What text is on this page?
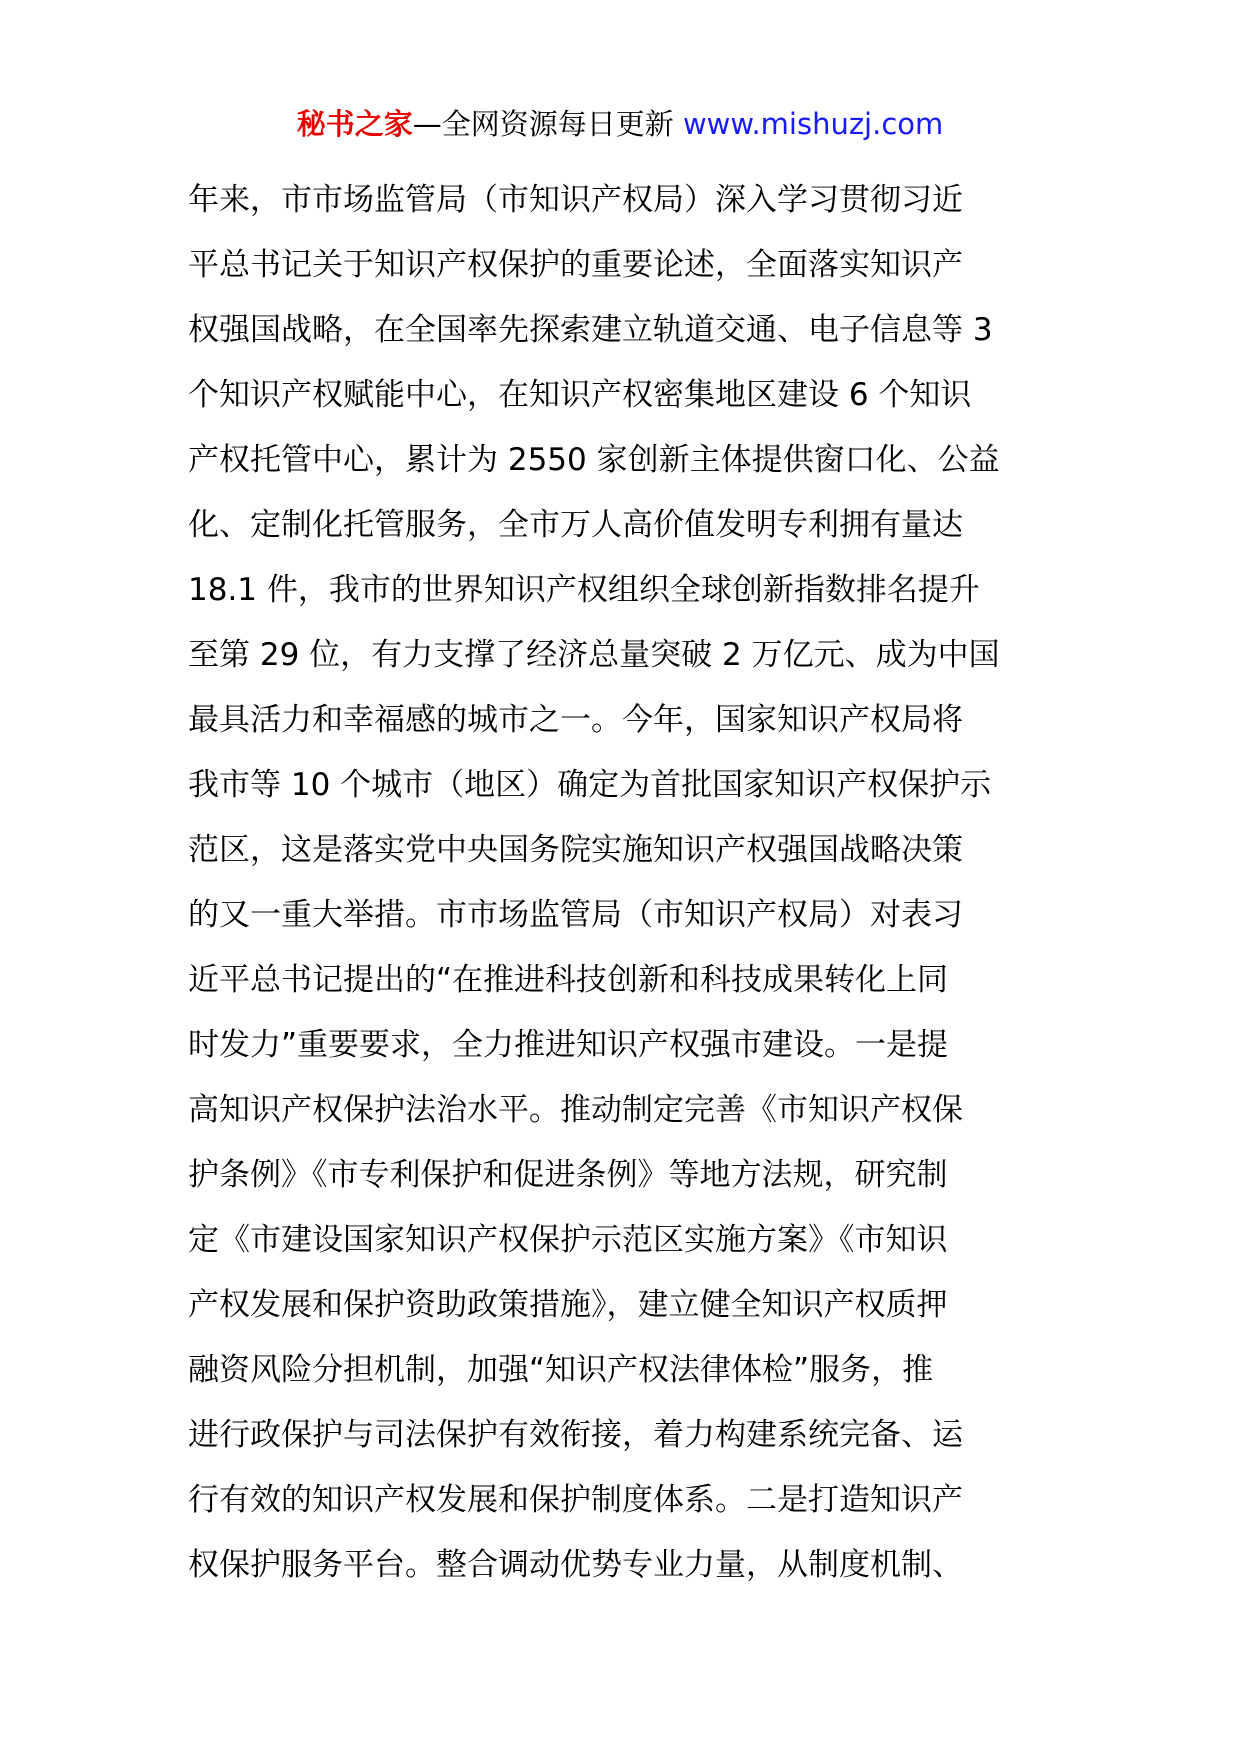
秘书之家—全网资源每日更新 www.mishuzj.com
年来，市市场监管局（市知识产权局）深入学习贯彻习近
平总书记关于知识产权保护的重要论述，全面落实知识产
权强国战略，在全国率先探索建立轨道交通、电子信息等 3
个知识产权赋能中心，在知识产权密集地区建设 6 个知识
产权托管中心，累计为 2550 家创新主体提供窗口化、公益
化、定制化托管服务，全市万人高价值发明专利拥有量达
18.1 件，我市的世界知识产权组织全球创新指数排名提升
至第 29 位，有力支撑了经济总量突破 2 万亿元、成为中国
最具活力和幸福感的城市之一。今年，国家知识产权局将
我市等 10 个城市（地区）确定为首批国家知识产权保护示
范区，这是落实党中央国务院实施知识产权强国战略决策
的又一重大举措。市市场监管局（市知识产权局）对表习
近平总书记提出的“在推进科技创新和科技成果转化上同
时发力”重要要求，全力推进知识产权强市建设。一是提
高知识产权保护法治水平。推动制定完善《市知识产权保
护条例》《市专利保护和促进条例》等地方法规，研究制
定《市建设国家知识产权保护示范区实施方案》《市知识
产权发展和保护资助政策措施》，建立健全知识产权质押
融资风险分担机制，加强“知识产权法律体检”服务，推
进行政保护与司法保护有效衔接，着力构建系统完备、运
行有效的知识产权发展和保护制度体系。二是打造知识产
权保护服务平台。整合调动优势专业力量，从制度机制、
